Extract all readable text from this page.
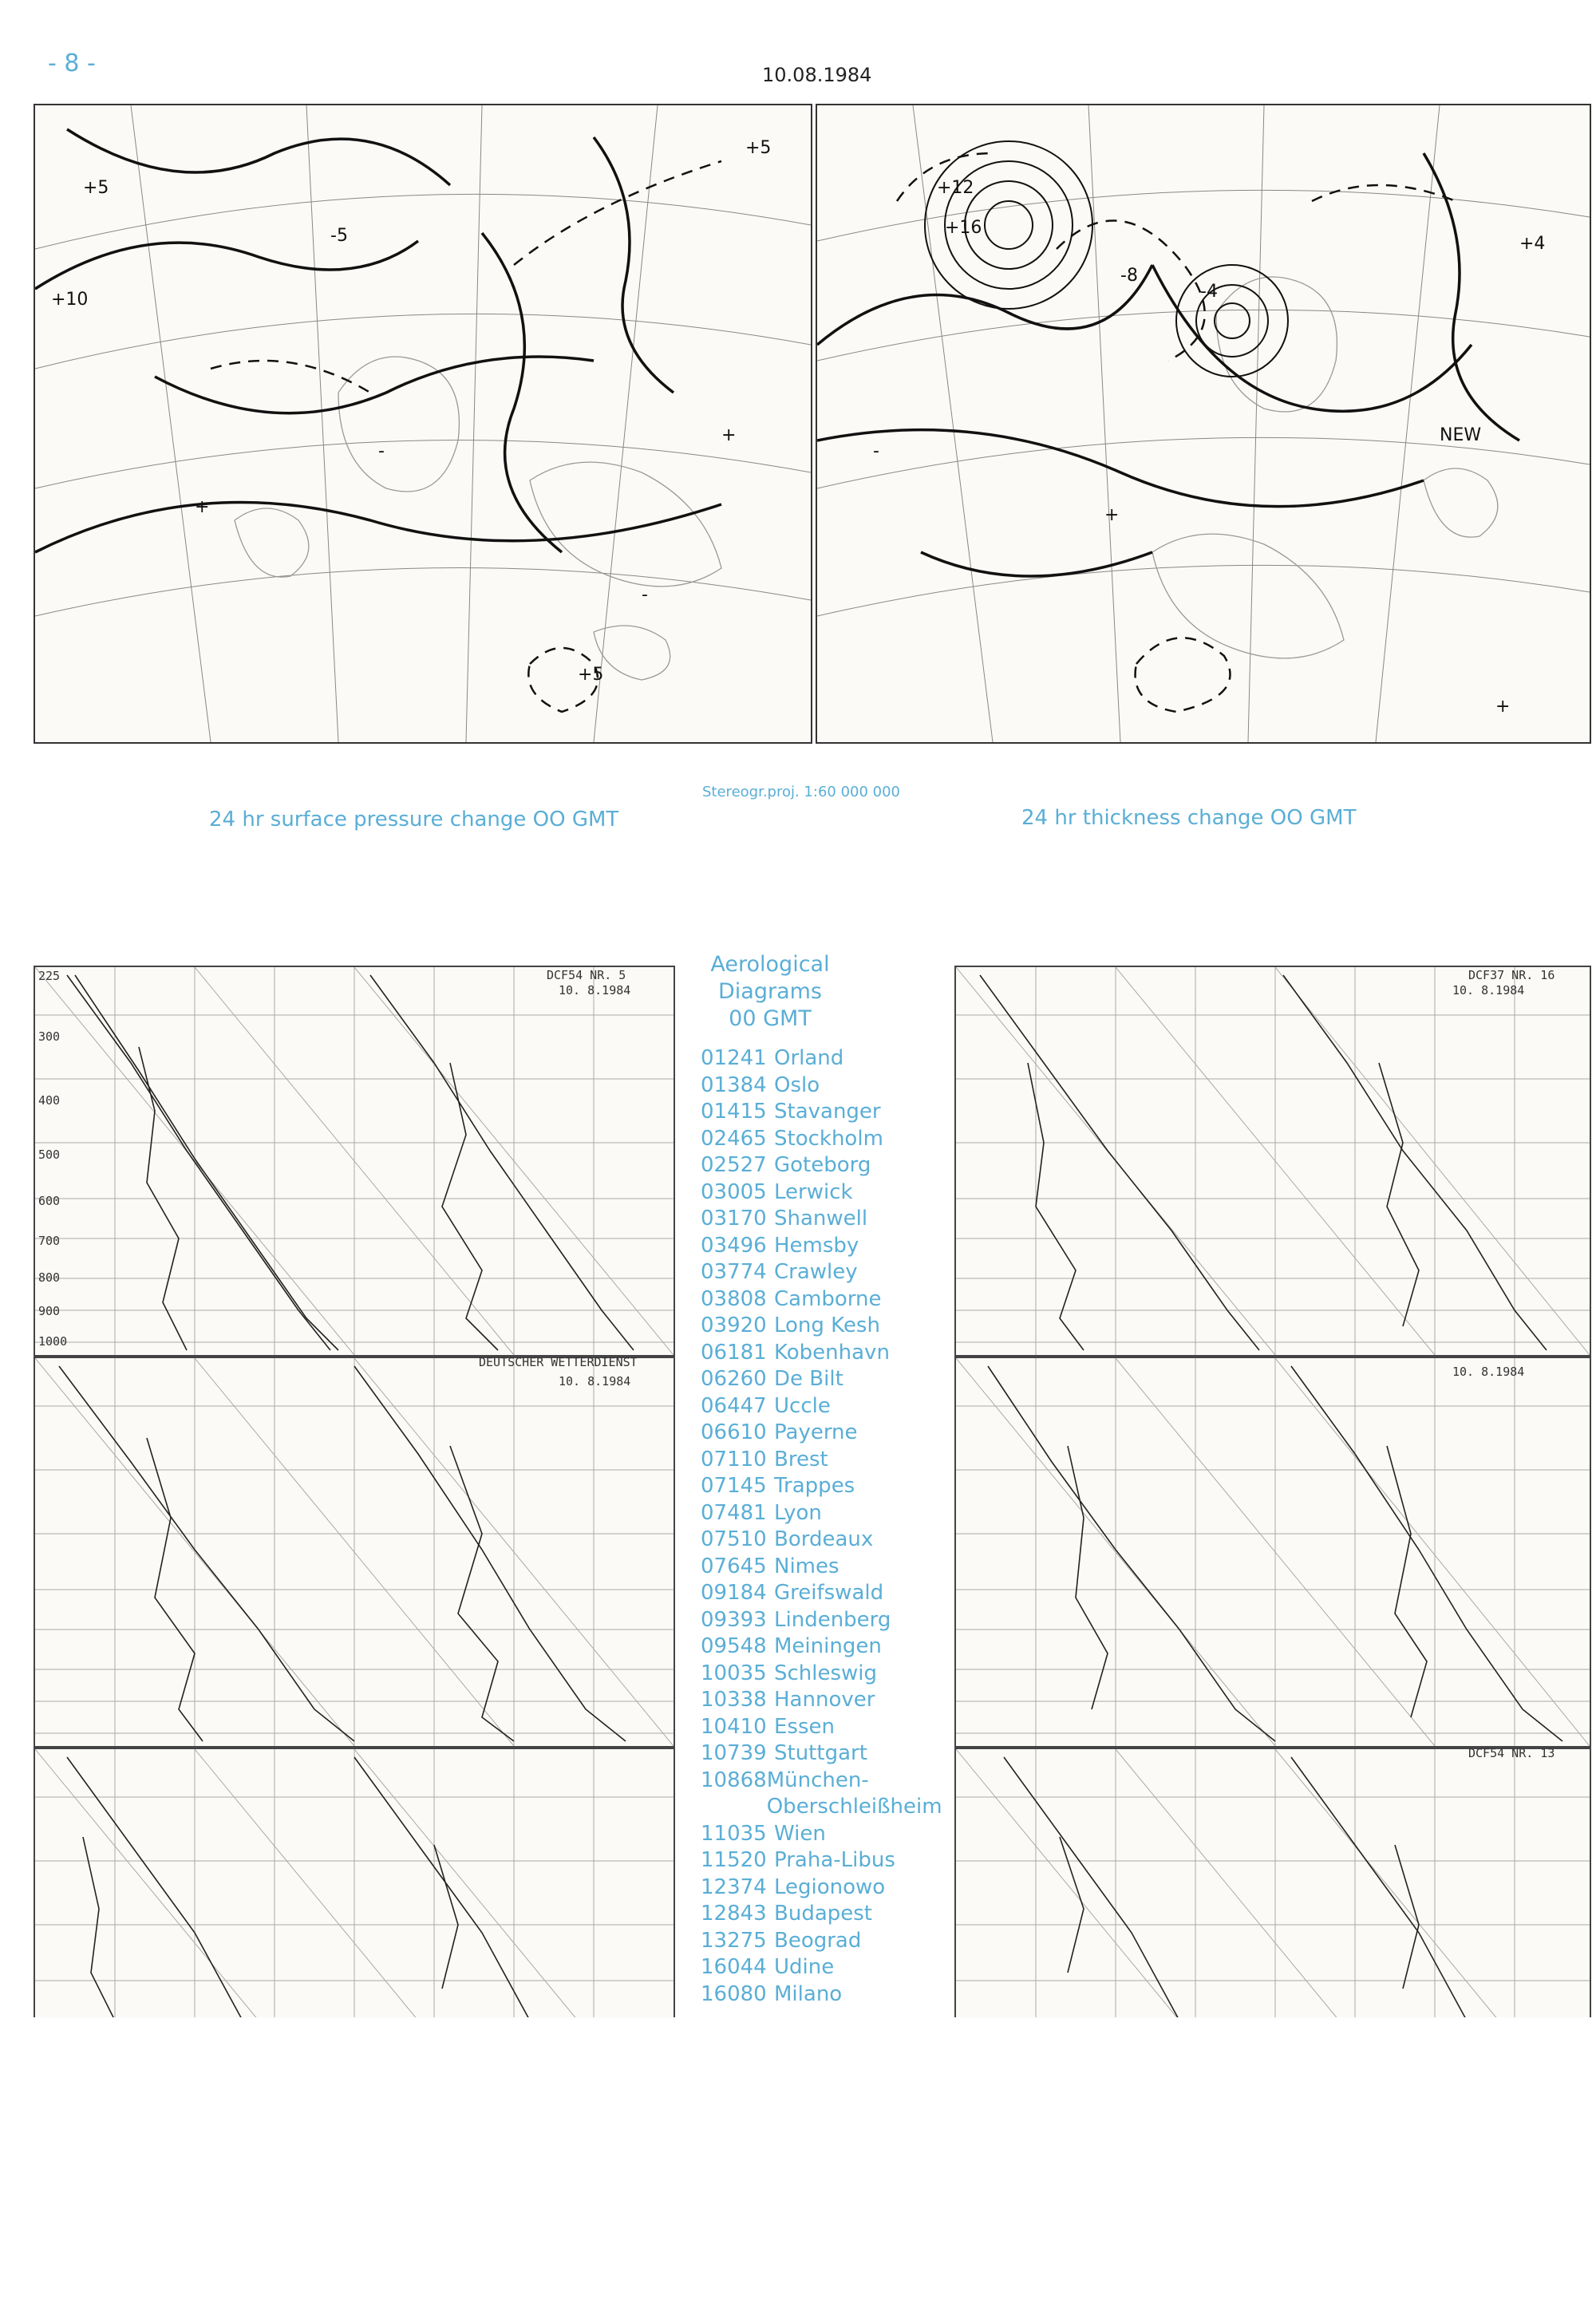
- 8 -	10.08.1984
+5
+10
-5
+5
+
-
+5
+
-
+12
+16
-8
-4
-
+
NEW
+
+4
24 hr surface pressure change OO GMT
Stereogr.proj. 1:60 000 000
24 hr thickness change OO GMT
DCF54 NR. 5
10. 8.1984
DEUTSCHER WETTERDIENST
10. 8.1984
DCF37 NR. 16
10. 8.1984
10. 8.1984
DCF54 NR. 13
225
300
400
500
600
700
800
900
1000
Aerological
Diagrams
00 GMT
01241 Orland
01384 Oslo
01415 Stavanger
02465 Stockholm
02527 Goteborg
03005 Lerwick
03170 Shanwell
03496 Hemsby
03774 Crawley
03808 Camborne
03920 Long Kesh
06181 Kobenhavn
06260 De Bilt
06447 Uccle
06610 Payerne
07110 Brest
07145 Trappes
07481 Lyon
07510 Bordeaux
07645 Nimes
09184 Greifswald
09393 Lindenberg
09548 Meiningen
10035 Schleswig
10338 Hannover
10410 Essen
10739 Stuttgart
10868 München-
Oberschleißheim
11035 Wien
11520 Praha-Libus
12374 Legionowo
12843 Budapest
13275 Beograd
16044 Udine
16080 Milano
